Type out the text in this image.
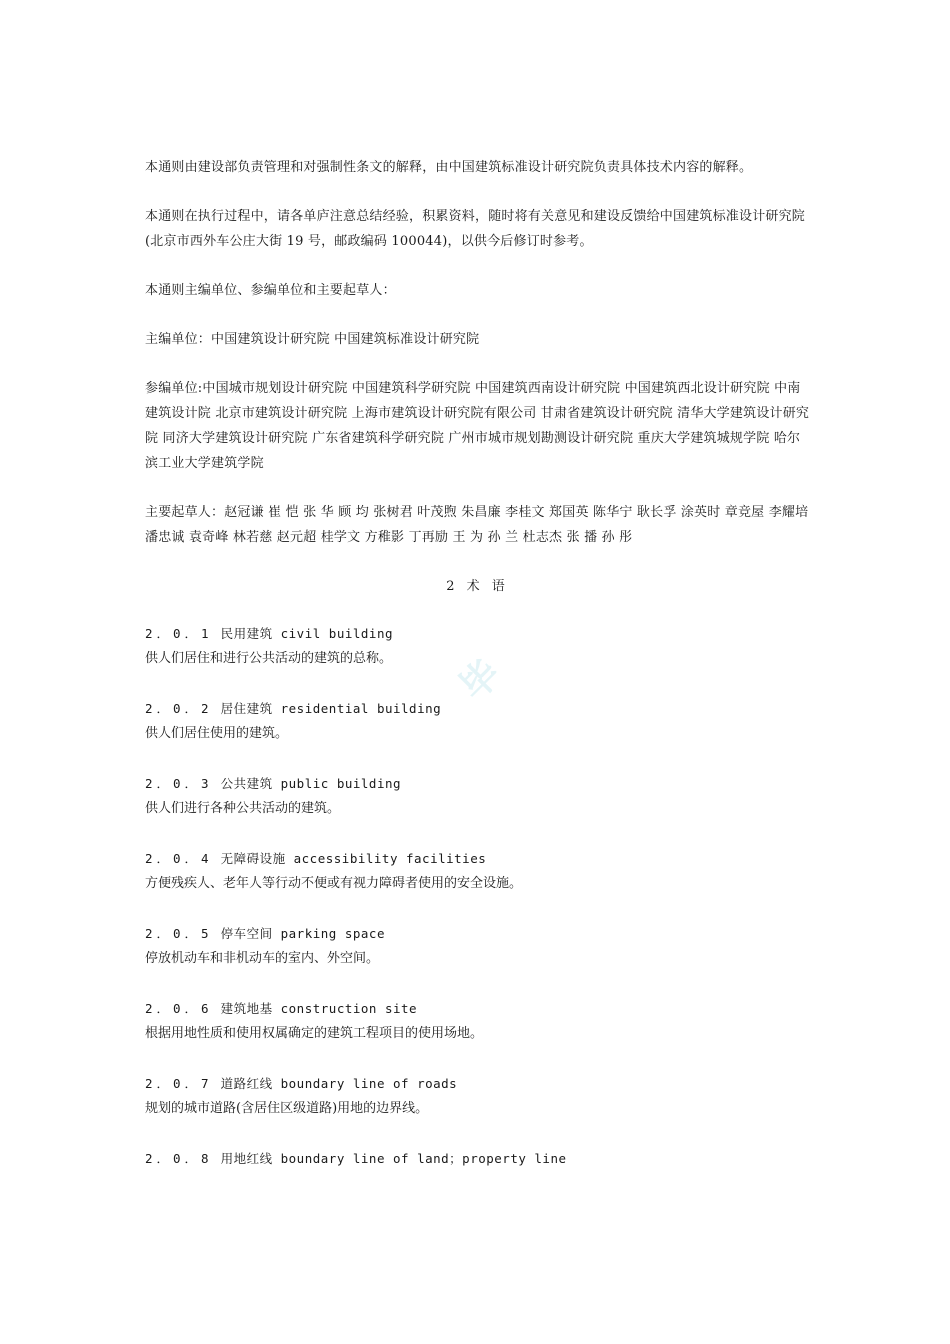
本通则由建设部负责管理和对强制性条文的解释，由中国建筑标准设计研究院负责具体技术内容的解释。

本通则在执行过程中，请各单庐注意总结经验，积累资料，随时将有关意见和建设反馈给中国建筑标准设计研究院(北京市西外车公庄大街 19 号，邮政编码 100044)，以供今后修订时参考。

本通则主编单位、参编单位和主要起草人：

主编单位：中国建筑设计研究院 中国建筑标准设计研究院

参编单位:中国城市规划设计研究院 中国建筑科学研究院 中国建筑西南设计研究院 中国建筑西北设计研究院 中南建筑设计院 北京市建筑设计研究院 上海市建筑设计研究院有限公司 甘肃省建筑设计研究院 清华大学建筑设计研究院 同济大学建筑设计研究院 广东省建筑科学研究院 广州市城市规划勘测设计研究院 重庆大学建筑城规学院 哈尔滨工业大学建筑学院

主要起草人：赵冠谦 崔 恺 张 华 顾 均 张树君 叶茂煦 朱昌廉 李桂文 郑国英 陈华宁 耿长孚 涂英时 章竞屋 李耀培 潘忠诚 袁奇峰 林若慈 赵元超 桂学文 方稚影 丁再励 王 为 孙 兰 杜志杰 张 播 孙 彤

2 术 语
2．0．1 民用建筑 civil building
供人们居住和进行公共活动的建筑的总称。
2．0．2 居住建筑 residential building
供人们居住使用的建筑。
2．0．3 公共建筑 public building
供人们进行各种公共活动的建筑。
2．0．4 无障碍设施 accessibility facilities
方便残疾人、老年人等行动不便或有视力障碍者使用的安全设施。
2．0．5 停车空间 parking space
停放机动车和非机动车的室内、外空间。
2．0．6 建筑地基 construction site
根据用地性质和使用权属确定的建筑工程项目的使用场地。
2．0．7 道路红线 boundary line of roads
规划的城市道路(含居住区级道路)用地的边界线。
2．0．8 用地红线 boundary line of land；property line
毕
